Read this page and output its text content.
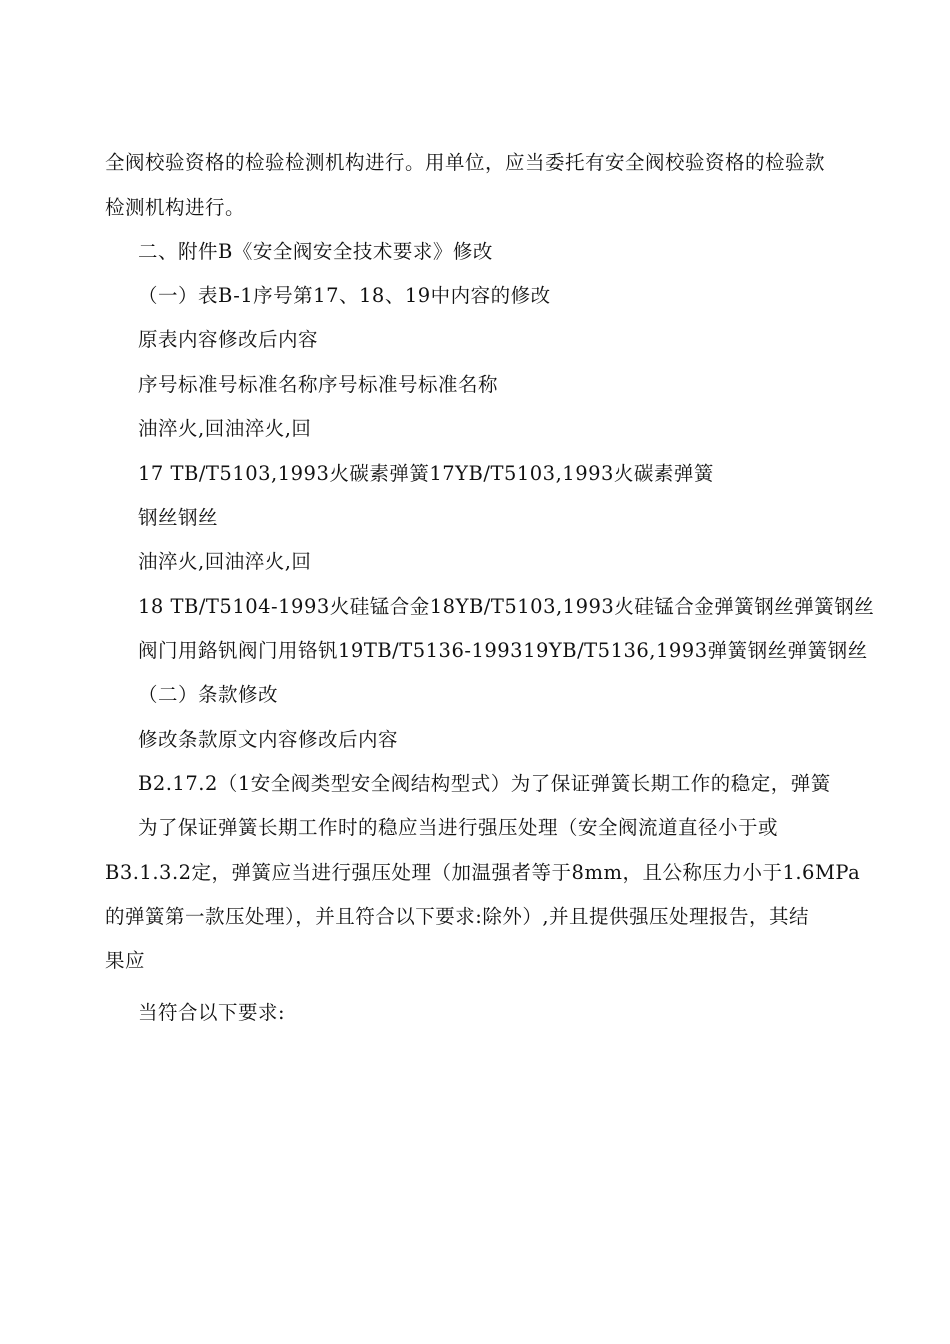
全阀校验资格的检验检测机构进行。用单位，应当委托有安全阀校验资格的检验款
检测机构进行。
二、附件B《安全阀安全技术要求》修改
（一）表B-1序号第17、18、19中内容的修改
原表内容修改后内容
序号标准号标准名称序号标准号标准名称
油淬火,回油淬火,回
17 TB/T5103,1993火碳素弹簧17YB/T5103,1993火碳素弹簧
钢丝钢丝
油淬火,回油淬火,回
18 TB/T5104-1993火硅锰合金18YB/T5103,1993火硅锰合金弹簧钢丝弹簧钢丝
阀门用鉻钒阀门用铬钒19TB/T5136-199319YB/T5136,1993弹簧钢丝弹簧钢丝
（二）条款修改
修改条款原文内容修改后内容
B2.17.2（1安全阀类型安全阀结构型式）为了保证弹簧长期工作的稳定，弹簧
为了保证弹簧长期工作时的稳应当进行强压处理（安全阀流道直径小于或
B3.1.3.2定，弹簧应当进行强压处理（加温强者等于8mm，且公称压力小于1.6MPa
的弹簧第一款压处理），并且符合以下要求:除外）,并且提供强压处理报告，其结
果应
当符合以下要求:
